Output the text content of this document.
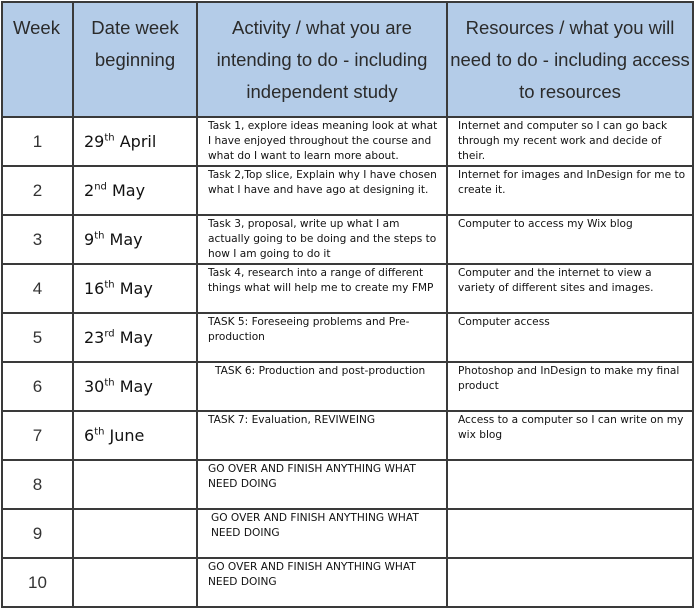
Week	Date week beginning	Activity / what you are intending to do - including independent study	Resources / what you will need to do - including access to resources
1	29th April	Task 1, explore ideas meaning look at what I have enjoyed throughout the course and what do I want to learn more about.	Internet and computer so I can go back through my recent work and decide of their.
2	2nd May	Task 2,Top slice, Explain why I have chosen what I have and have ago at designing it.	Internet for images and InDesign for me to create it.
3	9th May	Task 3, proposal, write up what I am actually going to be doing and the steps to how I am going to do it	Computer to access my Wix blog
4	16th May	Task 4, research into a range of different things what will help me to create my FMP	Computer and the internet to view a variety of different sites and images.
5	23rd May	TASK 5: Foreseeing problems and Pre-production	Computer access
6	30th May	TASK 6: Production and post-production	Photoshop and InDesign to make my final product
7	6th June	TASK 7: Evaluation, REVIWEING	Access to a computer so I can write on my wix blog
8		GO OVER AND FINISH ANYTHING WHAT NEED DOING	
9		GO OVER AND FINISH ANYTHING WHAT NEED DOING	
10		GO OVER AND FINISH ANYTHING WHAT NEED DOING	
